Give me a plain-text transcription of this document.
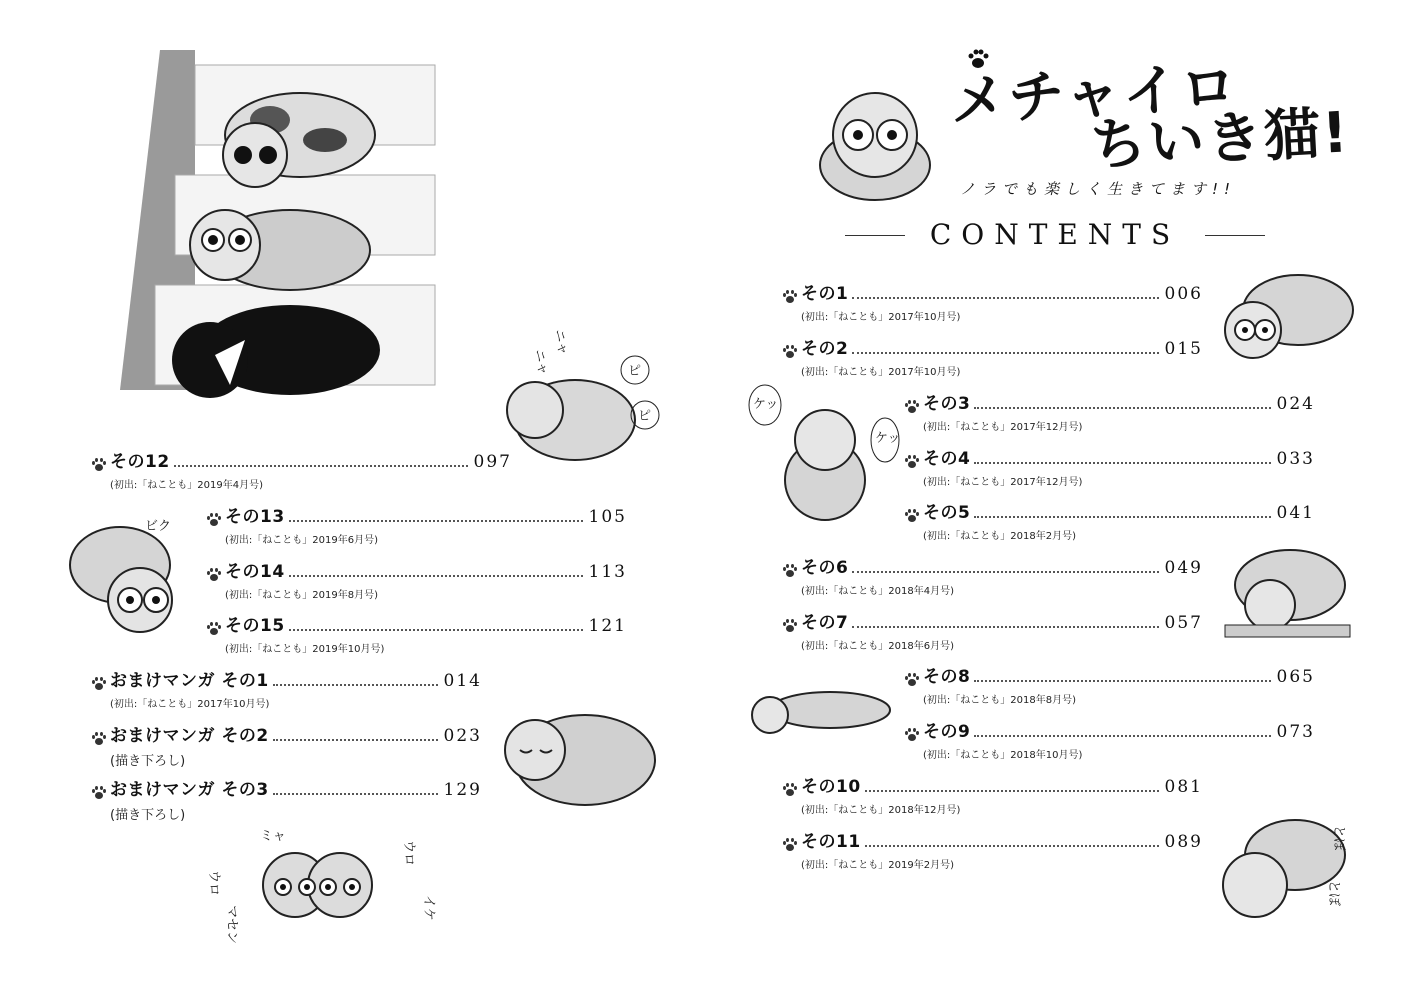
ニャ
ニャ	ピ
ピ
ビク
ウロ
ミャ
ウロ
イケ
マセン
その12	097
(初出:「ねことも」2019年4月号)
その13	105
(初出:「ねことも」2019年6月号)
その14	113
(初出:「ねことも」2019年8月号)
その15	121
(初出:「ねことも」2019年10月号)
おまけマンガ その1	014
(初出:「ねことも」2017年10月号)
おまけマンガ その2	023
(描き下ろし)
おまけマンガ その3	129
(描き下ろし)
メチャイロ
ちいき猫!
ノラでも楽しく生きてます!!
CONTENTS
ケッ
ケッ
とぼ
とぼ
その1	006
(初出:「ねことも」2017年10月号)
その2	015
(初出:「ねことも」2017年10月号)
その3	024
(初出:「ねことも」2017年12月号)
その4	033
(初出:「ねことも」2017年12月号)
その5	041
(初出:「ねことも」2018年2月号)
その6	049
(初出:「ねことも」2018年4月号)
その7	057
(初出:「ねことも」2018年6月号)
その8	065
(初出:「ねことも」2018年8月号)
その9	073
(初出:「ねことも」2018年10月号)
その10	081
(初出:「ねことも」2018年12月号)
その11	089
(初出:「ねことも」2019年2月号)
